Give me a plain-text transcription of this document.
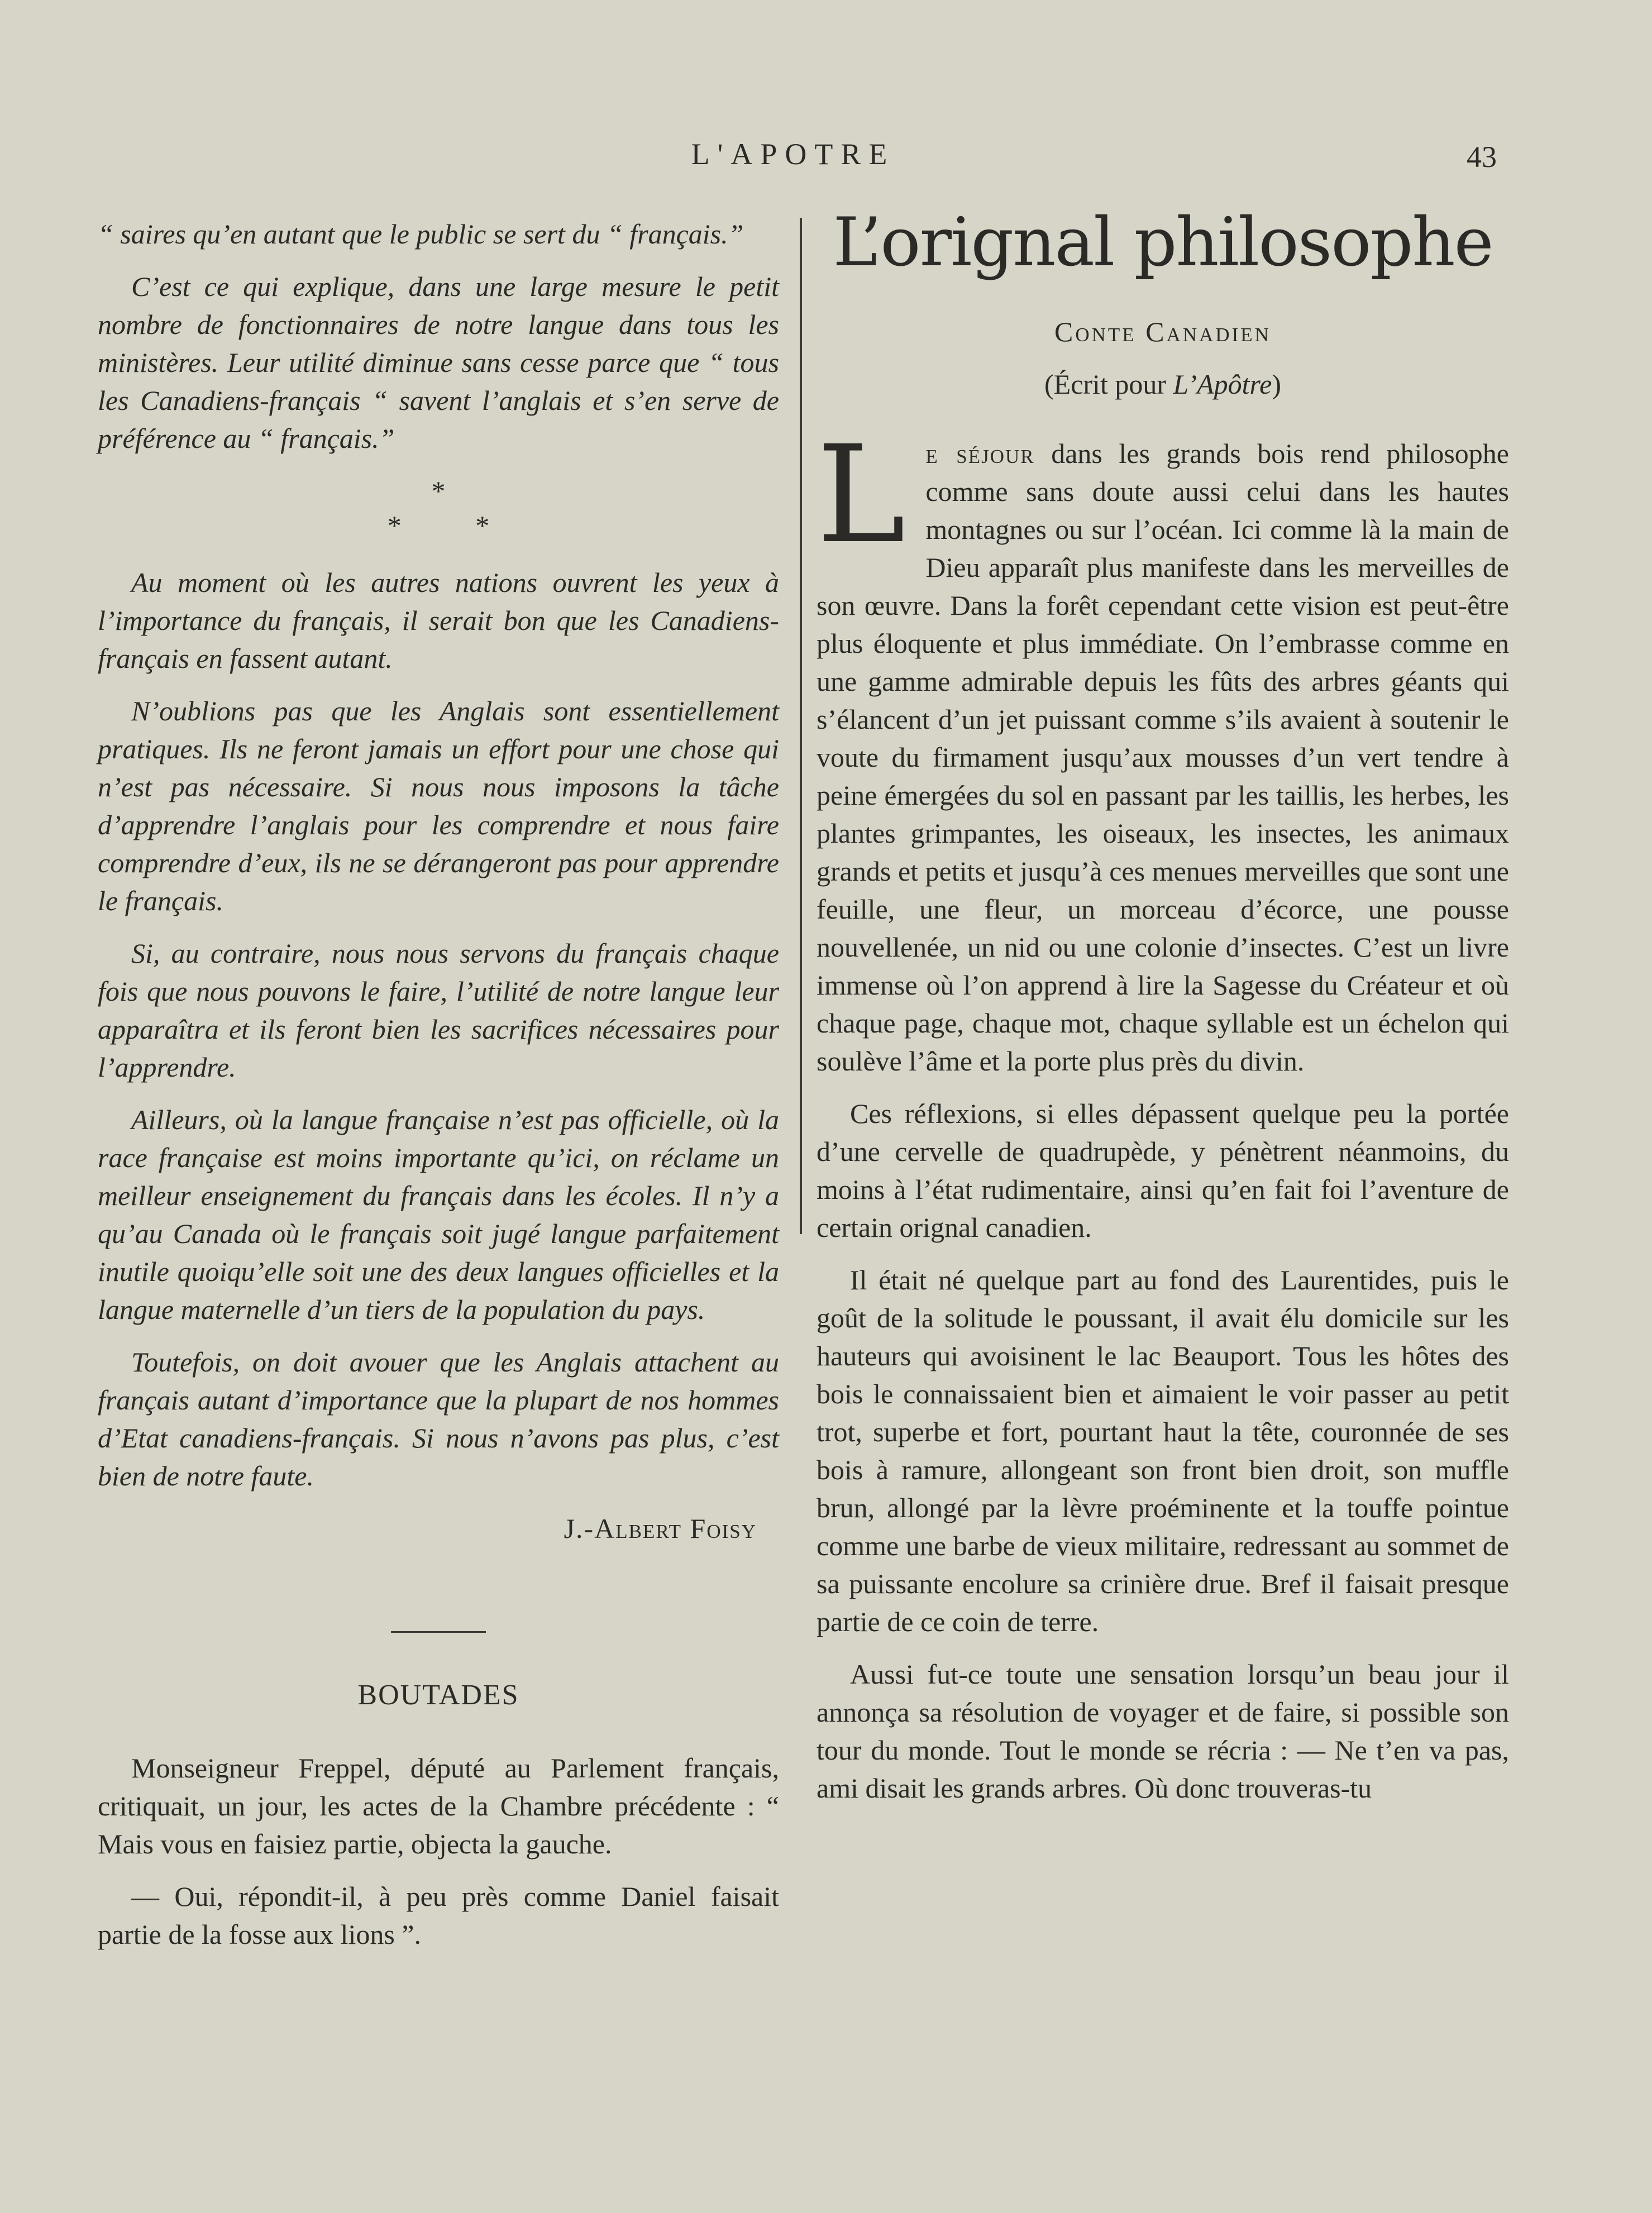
L'APOTRE	43

“ saires qu’en autant que le public se sert du “ français.”

C’est ce qui explique, dans une large mesure le petit nombre de fonctionnaires de notre langue dans tous les ministères. Leur utilité diminue sans cesse parce que “ tous les Canadiens-français “ savent l’anglais et s’en serve de préférence au “ français.”

*
* *

Au moment où les autres nations ouvrent les yeux à l’importance du français, il serait bon que les Canadiens-français en fassent autant.

N’oublions pas que les Anglais sont essentiellement pratiques. Ils ne feront jamais un effort pour une chose qui n’est pas nécessaire. Si nous nous imposons la tâche d’apprendre l’anglais pour les comprendre et nous faire comprendre d’eux, ils ne se dérangeront pas pour apprendre le français.

Si, au contraire, nous nous servons du français chaque fois que nous pouvons le faire, l’utilité de notre langue leur apparaîtra et ils feront bien les sacrifices nécessaires pour l’apprendre.

Ailleurs, où la langue française n’est pas officielle, où la race française est moins importante qu’ici, on réclame un meilleur enseignement du français dans les écoles. Il n’y a qu’au Canada où le français soit jugé langue parfaitement inutile quoiqu’elle soit une des deux langues officielles et la langue maternelle d’un tiers de la population du pays.

Toutefois, on doit avouer que les Anglais attachent au français autant d’importance que la plupart de nos hommes d’Etat canadiens-français. Si nous n’avons pas plus, c’est bien de notre faute.

J.-Albert Foisy
BOUTADES

Monseigneur Freppel, député au Parlement français, critiquait, un jour, les actes de la Chambre précédente : “ Mais vous en faisiez partie, objecta la gauche.

— Oui, répondit-il, à peu près comme Daniel faisait partie de la fosse aux lions ”.

L’orignal philosophe
Conte Canadien
(Écrit pour L’Apôtre)

Le séjour dans les grands bois rend philosophe comme sans doute aussi celui dans les hautes montagnes ou sur l’océan. Ici comme là la main de Dieu apparaît plus manifeste dans les merveilles de son œuvre. Dans la forêt cependant cette vision est peut-être plus éloquente et plus immédiate. On l’embrasse comme en une gamme admirable depuis les fûts des arbres géants qui s’élancent d’un jet puissant comme s’ils avaient à soutenir le voute du firmament jusqu’aux mousses d’un vert tendre à peine émergées du sol en passant par les taillis, les herbes, les plantes grimpantes, les oiseaux, les insectes, les animaux grands et petits et jusqu’à ces menues merveilles que sont une feuille, une fleur, un morceau d’écorce, une pousse nouvellenée, un nid ou une colonie d’insectes. C’est un livre immense où l’on apprend à lire la Sagesse du Créateur et où chaque page, chaque mot, chaque syllable est un échelon qui soulève l’âme et la porte plus près du divin.

Ces réflexions, si elles dépassent quelque peu la portée d’une cervelle de quadrupède, y pénètrent néanmoins, du moins à l’état rudimentaire, ainsi qu’en fait foi l’aventure de certain orignal canadien.

Il était né quelque part au fond des Laurentides, puis le goût de la solitude le poussant, il avait élu domicile sur les hauteurs qui avoisinent le lac Beauport. Tous les hôtes des bois le connaissaient bien et aimaient le voir passer au petit trot, superbe et fort, pourtant haut la tête, couronnée de ses bois à ramure, allongeant son front bien droit, son muffle brun, allongé par la lèvre proéminente et la touffe pointue comme une barbe de vieux militaire, redressant au sommet de sa puissante encolure sa crinière drue. Bref il faisait presque partie de ce coin de terre.

Aussi fut-ce toute une sensation lorsqu’un beau jour il annonça sa résolution de voyager et de faire, si possible son tour du monde. Tout le monde se récria : — Ne t’en va pas, ami disait les grands arbres. Où donc trouveras-tu
